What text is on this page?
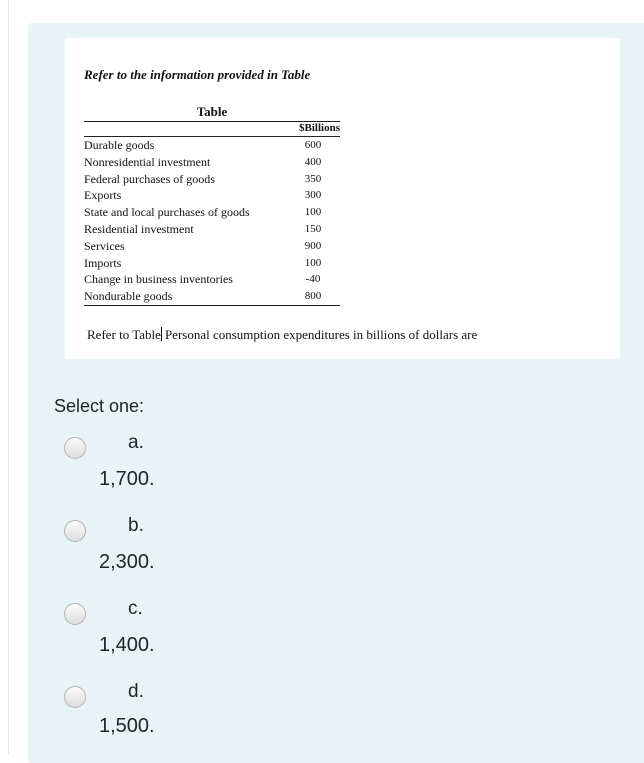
Refer to the information provided in Table
Table
$Billions
Durable goods	600
Nonresidential investment	400
Federal purchases of goods	350
Exports	300
State and local purchases of goods	100
Residential investment	150
Services	900
Imports	100
Change in business inventories	-40
Nondurable goods	800
Refer to Table Personal consumption expenditures in billions of dollars are
Select one:
a.
1,700.
b.
2,300.
c.
1,400.
d.
1,500.
